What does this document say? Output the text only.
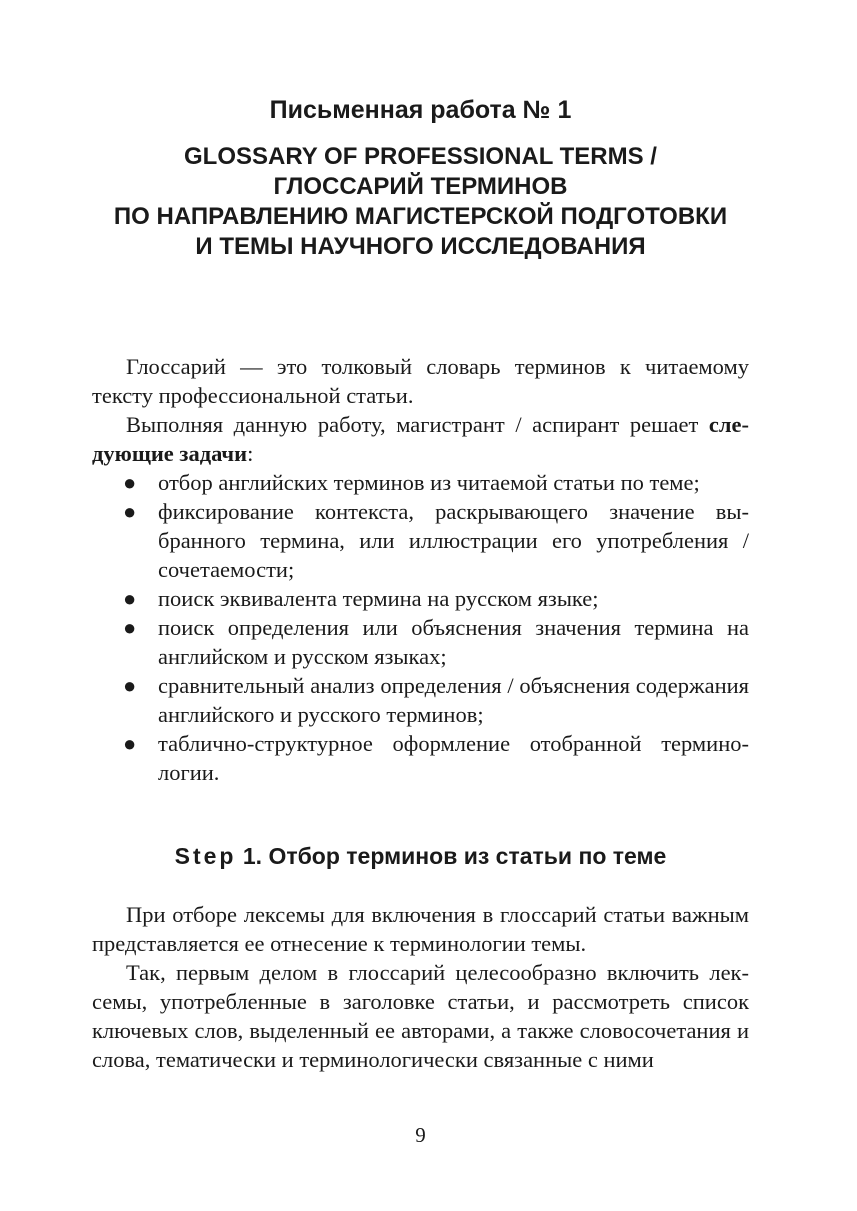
Письменная работа № 1
GLOSSARY OF PROFESSIONAL TERMS /
ГЛОССАРИЙ ТЕРМИНОВ
ПО НАПРАВЛЕНИЮ МАГИСТЕРСКОЙ ПОДГОТОВКИ
И ТЕМЫ НАУЧНОГО ИССЛЕДОВАНИЯ

Глоссарий — это толковый словарь терминов к читаемому тексту профессиональной статьи.

Выполняя данную работу, магистрант / аспирант решает следующие задачи:

● отбор английских терминов из читаемой статьи по теме;
● фиксирование контекста, раскрывающего значение выбранного термина, или иллюстрации его употребления / сочетаемости;
● поиск эквивалента термина на русском языке;
● поиск определения или объяснения значения термина на английском и русском языках;
● сравнительный анализ определения / объяснения содержания английского и русского терминов;
● таблично-структурное оформление отобранной терминологии.
Step 1. Отбор терминов из статьи по теме

При отборе лексемы для включения в глоссарий статьи важным представляется ее отнесение к терминологии темы.

Так, первым делом в глоссарий целесообразно включить лексемы, употребленные в заголовке статьи, и рассмотреть список ключевых слов, выделенный ее авторами, а также словосочетания и слова, тематически и терминологически связанные с ними

9
